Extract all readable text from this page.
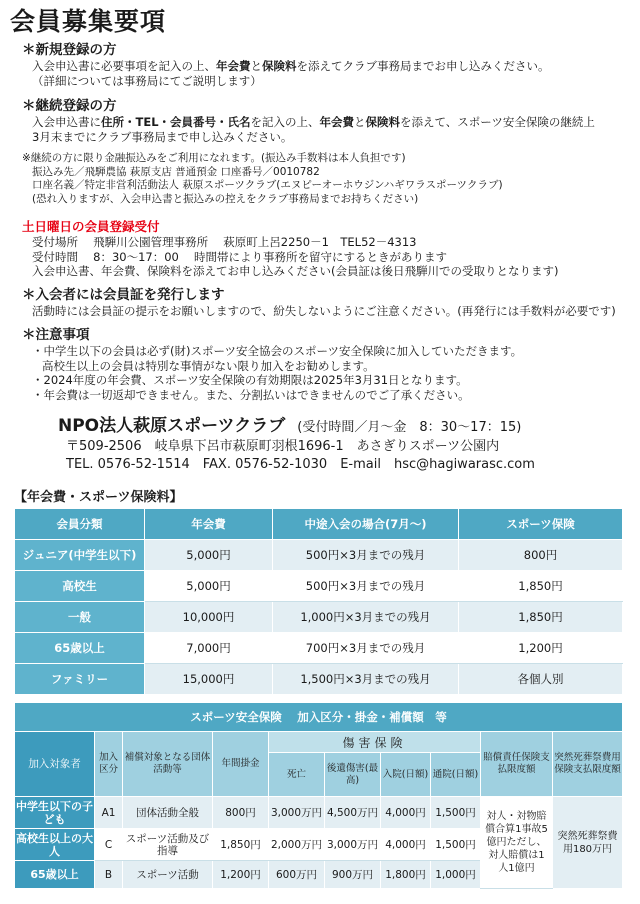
会員募集要項
＊新規登録の方
入会申込書に必要事項を記入の上、年会費と保険料を添えてクラブ事務局までお申し込みください。
（詳細については事務局にてご説明します）
＊継続登録の方
入会申込書に住所・TEL・会員番号・氏名を記入の上、年会費と保険料を添えて、スポーツ安全保険の継続上
3月末までにクラブ事務局まで申し込みください。
※継続の方に限り金融振込みをご利用になれます。(振込み手数料は本人負担です)
振込み先／飛騨農協 萩原支店 普通預金 口座番号／0010782
口座名義／特定非営利活動法人 萩原スポーツクラブ(エヌピーオーホウジンハギワラスポーツクラブ)
(恐れ入りますが、入会申込書と振込みの控えをクラブ事務局までお持ちください)
土日曜日の会員登録受付
受付場所　 飛騨川公園管理事務所　 萩原町上呂2250－1　TEL52－4313
受付時間　 8：30～17：00　 時間帯により事務所を留守にするときがあります
入会申込書、年会費、保険料を添えてお申し込みください(会員証は後日飛騨川での受取りとなります)
＊入会者には会員証を発行します
活動時には会員証の提示をお願いしますので、紛失しないようにご注意ください。(再発行には手数料が必要です)
＊注意事項
・中学生以下の会員は必ず(財)スポーツ安全協会のスポーツ安全保険に加入していただきます。
高校生以上の会員は特別な事情がない限り加入をお勧めします。
・2024年度の年会費、スポーツ安全保険の有効期限は2025年3月31日となります。
・年会費は一切返却できません。また、分割払いはできませんのでご了承ください。
NPO法人萩原スポーツクラブ (受付時間／月～金　8：30～17：15)
〒509-2506　岐阜県下呂市萩原町羽根1696-1　あさぎりスポーツ公園内
TEL. 0576-52-1514　FAX. 0576-52-1030　E-mail　hsc@hagiwarasc.com
【年会費・スポーツ保険料】
会員分類	年会費	中途入会の場合(7月～)	スポーツ保険
ジュニア(中学生以下)	5,000円	500円×3月までの残月	800円
高校生	5,000円	500円×3月までの残月	1,850円
一般	10,000円	1,000円×3月までの残月	1,850円
65歳以上	7,000円	700円×3月までの残月	1,200円
ファミリー	15,000円	1,500円×3月までの残月	各個人別
スポーツ安全保険　 加入区分・掛金・補償額　等									
加入対象者	加入区分	補償対象となる団体活動等	年間掛金	傷害保険				賠償責任保険支払限度額	突然死葬祭費用保険支払限度額
				死亡	後遺傷害(最高)	入院(日額)	通院(日額)		
中学生以下の子ども	A1	団体活動全般	800円	3,000万円	4,500万円	4,000円	1,500円	対人・対物賠償合算1事故5億円ただし、対人賠償は1人1億円	突然死葬祭費用180万円
高校生以上の大人	C	スポーツ活動及び指導	1,850円	2,000万円	3,000万円	4,000円	1,500円		
65歳以上	B	スポーツ活動	1,200円	600万円	900万円	1,800円	1,000円		
